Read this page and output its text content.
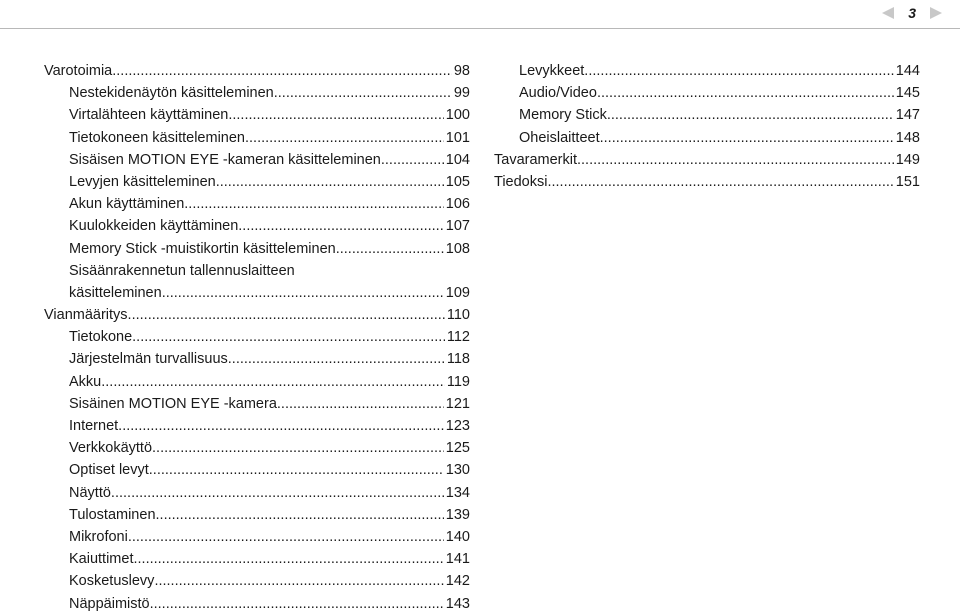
3
Varotoimia .....	98
Nestekidenäytön käsitteleminen .....	99
Virtalähteen käyttäminen .....	100
Tietokoneen käsitteleminen .....	101
Sisäisen MOTION EYE -kameran käsitteleminen .....	104
Levyjen käsitteleminen .....	105
Akun käyttäminen .....	106
Kuulokkeiden käyttäminen .....	107
Memory Stick -muistikortin käsitteleminen .....	108
Sisäänrakennetun tallennuslaitteen
käsitteleminen .....	109
Vianmääritys .....	110
Tietokone .....	112
Järjestelmän turvallisuus .....	118
Akku .....	119
Sisäinen MOTION EYE -kamera .....	121
Internet .....	123
Verkkokäyttö .....	125
Optiset levyt .....	130
Näyttö .....	134
Tulostaminen .....	139
Mikrofoni .....	140
Kaiuttimet .....	141
Kosketuslevy .....	142
Näppäimistö .....	143
Levykkeet .....	144
Audio/Video .....	145
Memory Stick .....	147
Oheislaitteet .....	148
Tavaramerkit .....	149
Tiedoksi .....	151
